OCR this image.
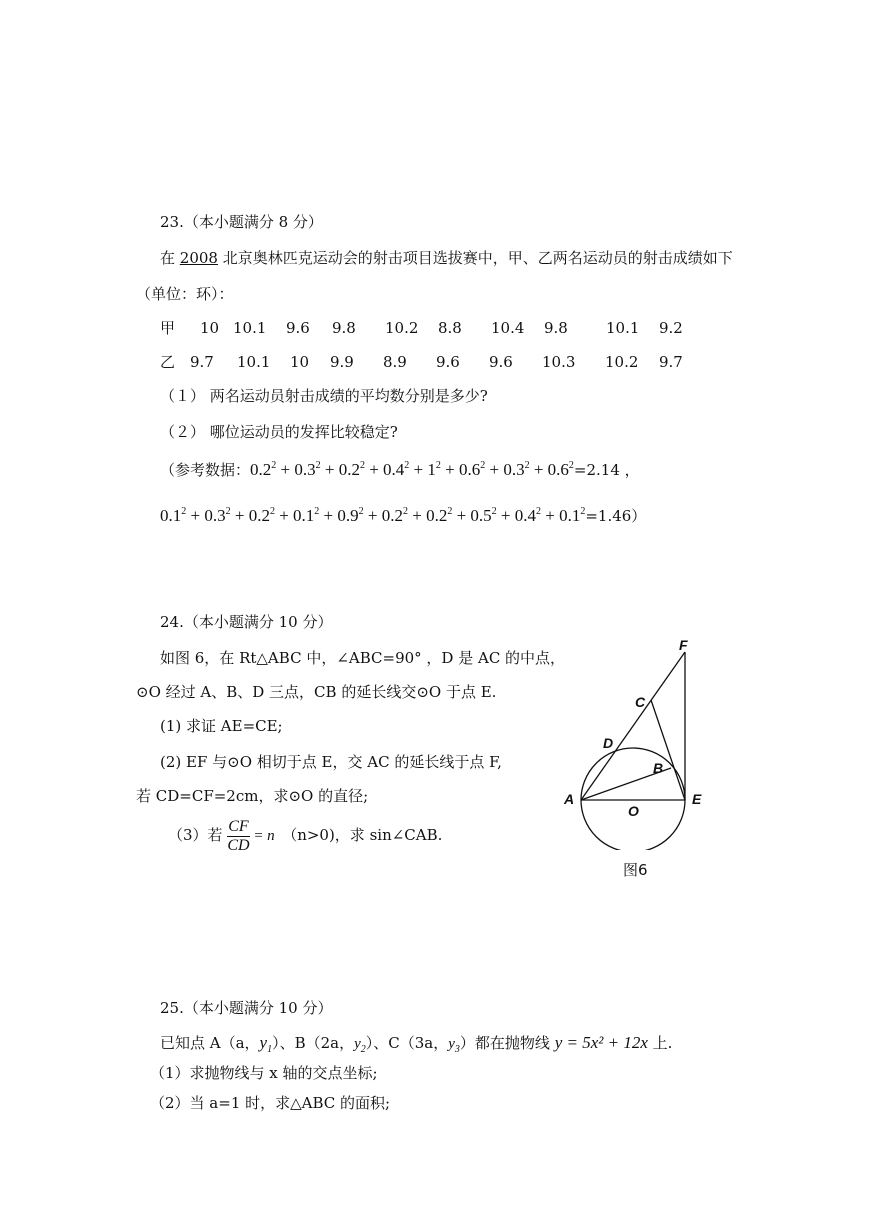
23.（本小题满分 8 分）
在 2008 北京奥林匹克运动会的射击项目选拔赛中，甲、乙两名运动员的射击成绩如下
（单位：环）：
甲 10 10.1 9.6 9.8 10.2 8.8 10.4 9.8	10.1 9.2
乙 9.7 10.1 10 9.9 8.9 9.6 9.6 10.3 10.2 9.7
（１） 两名运动员射击成绩的平均数分别是多少?
（２） 哪位运动员的发挥比较稳定?
（参考数据：$0.2^2 + 0.3^2 + 0.2^2 + 0.4^2 + 1^2 + 0.6^2 + 0.3^2 + 0.6^2=2.14$ ，
$0.1^2 + 0.3^2 + 0.2^2 + 0.1^2 + 0.9^2 + 0.2^2 + 0.2^2 + 0.5^2 + 0.4^2 + 0.1^2=1.46$）
24.（本小题满分 10 分）
如图 6，在 Rt△ABC 中，∠ABC=90° ，D 是 AC 的中点，
⊙O 经过 A、B、D 三点，CB 的延长线交⊙O 于点 E.
(1) 求证 AE=CE;
(2) EF 与⊙O 相切于点 E，交 AC 的延长线于点 F,
若 CD=CF=2cm，求⊙O 的直径;
（3）若 $\frac{CF}{CD} = n$　（n>0)，求 sin∠CAB.
F
C
D
B
A
O
E
图6
25.（本小题满分 10 分）
已知点 A（a，$y_1$）、B（2a，$y_2$）、C（3a，$y_3$）都在抛物线 y = 5x² + 12x 上.
（1）求抛物线与 x 轴的交点坐标;
（2）当 a=1 时，求△ABC 的面积;
